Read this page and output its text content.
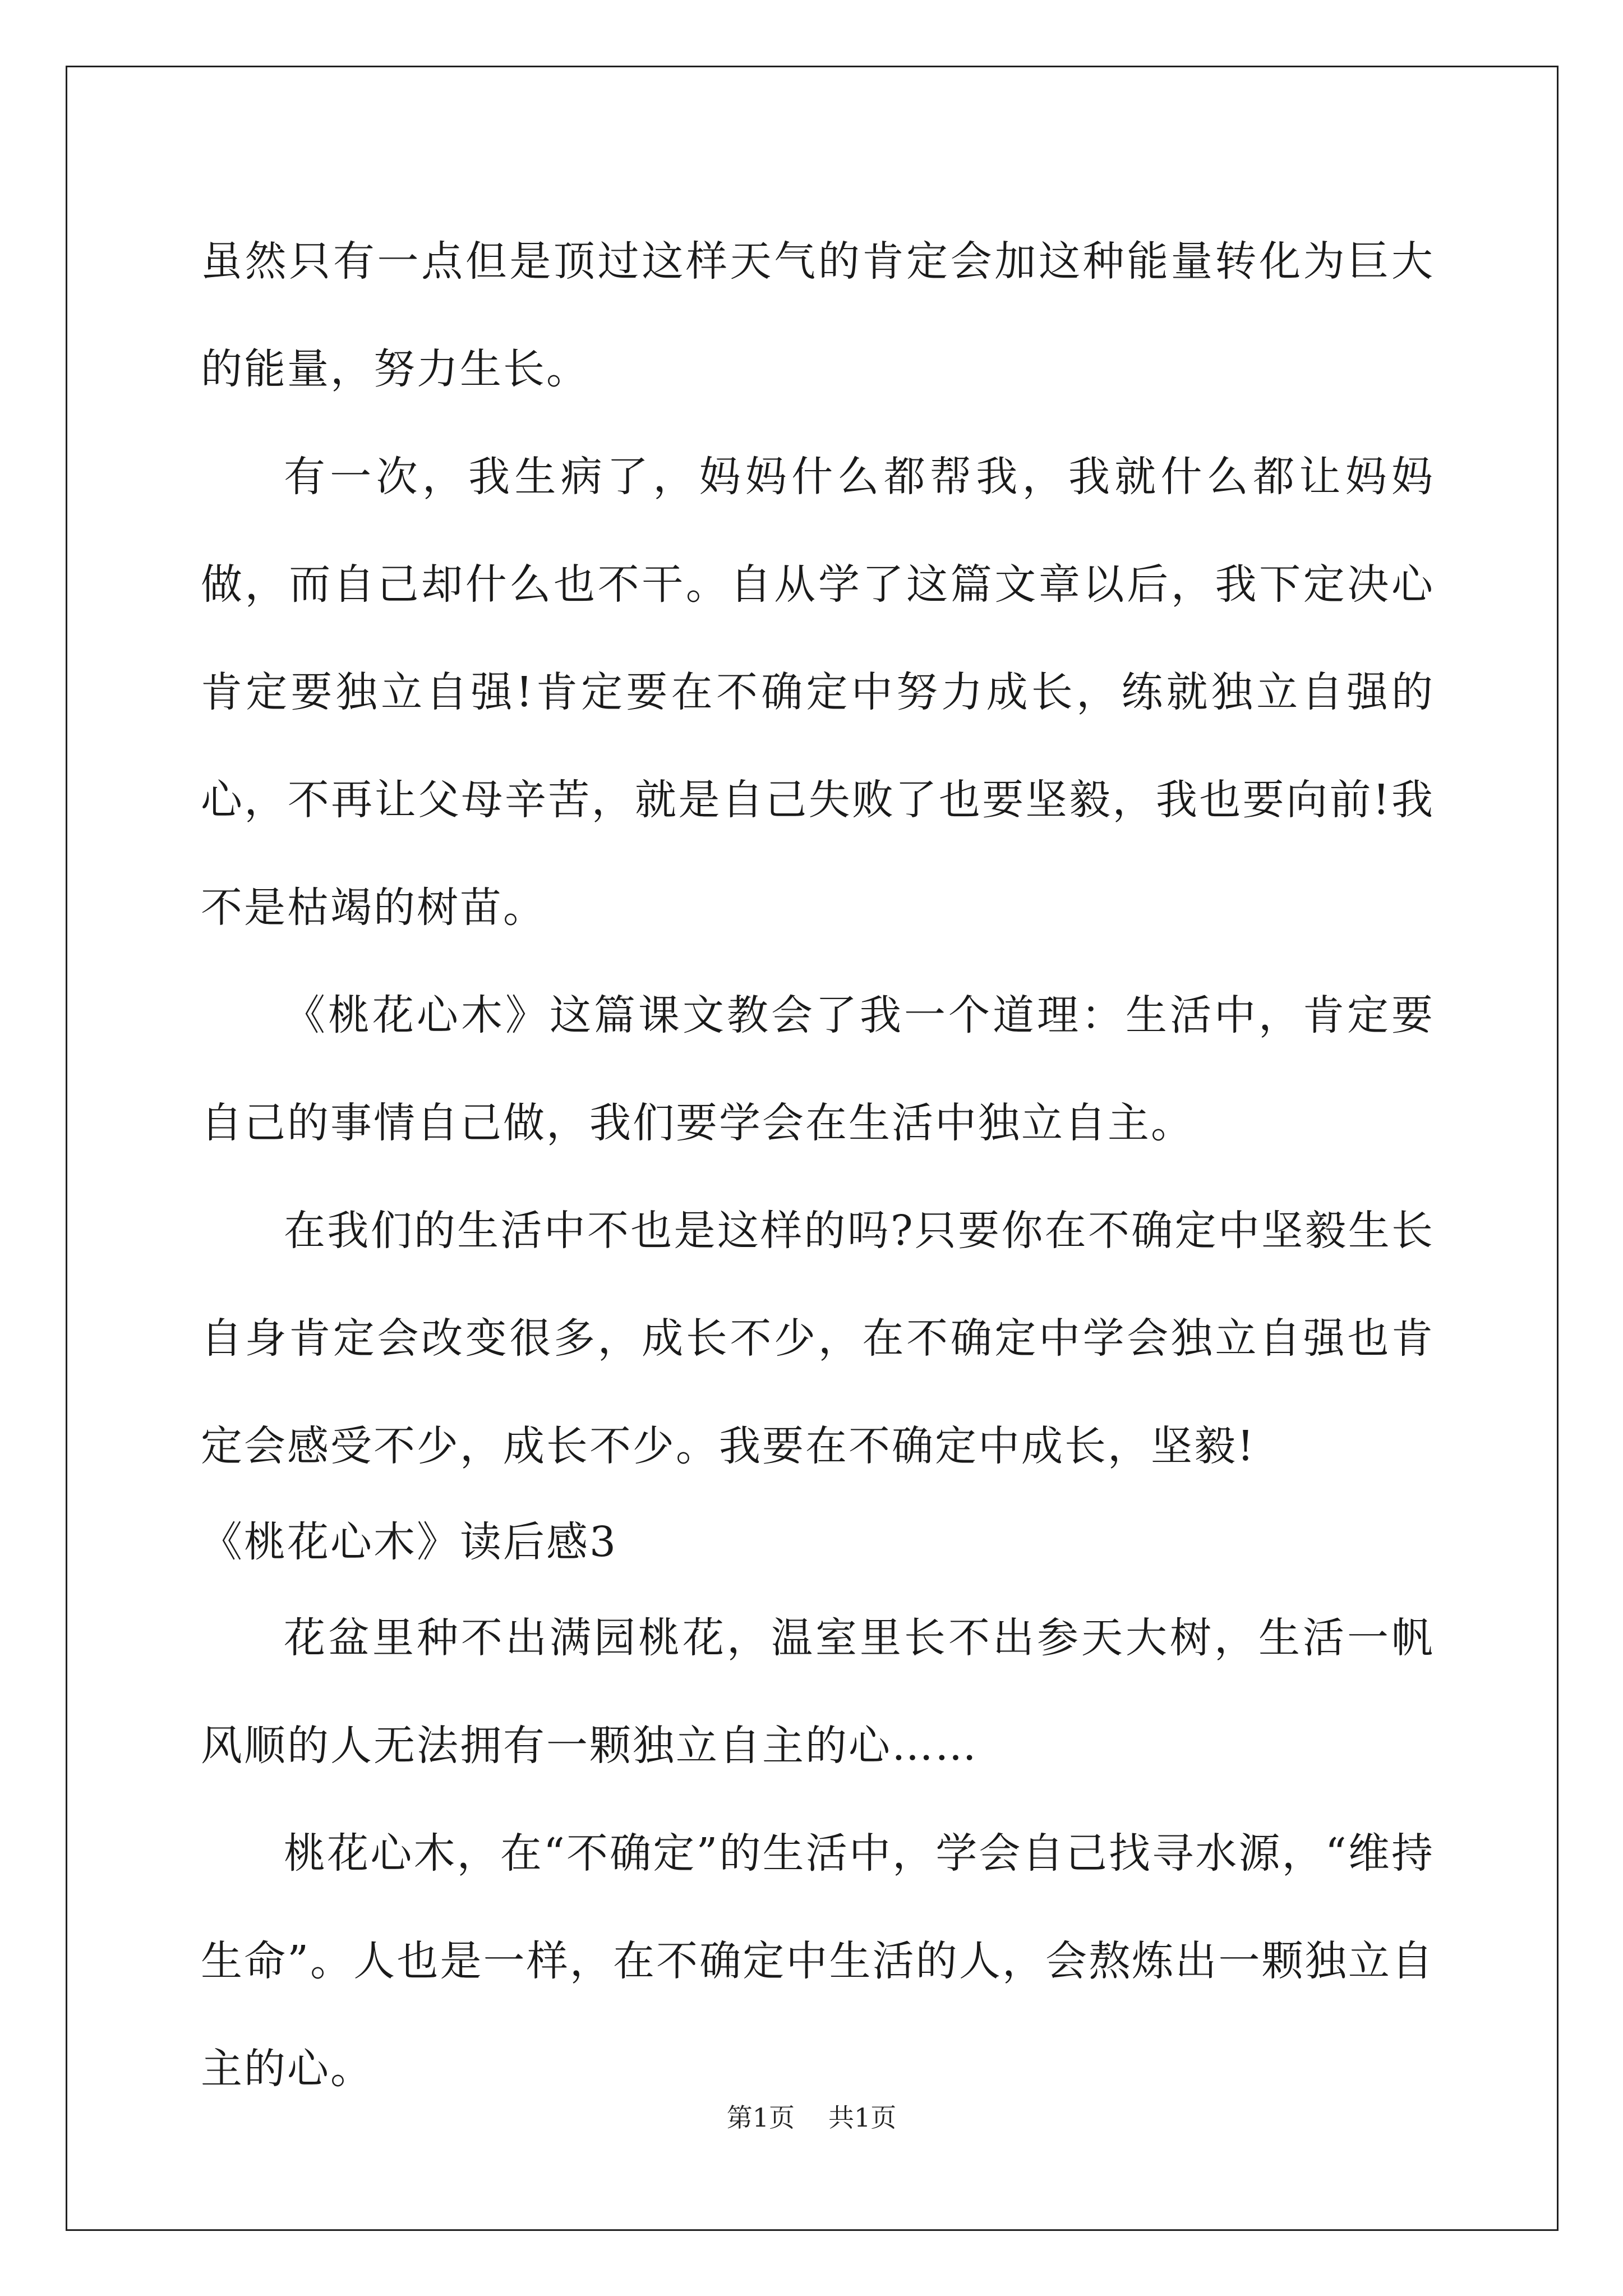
虽然只有一点但是顶过这样天气的肯定会加这种能量转化为巨大的能量，努力生长。

有一次，我生病了，妈妈什么都帮我，我就什么都让妈妈做，而自己却什么也不干。自从学了这篇文章以后，我下定决心肯定要独立自强!肯定要在不确定中努力成长，练就独立自强的心，不再让父母辛苦，就是自己失败了也要坚毅，我也要向前!我不是枯竭的树苗。

《桃花心木》这篇课文教会了我一个道理：生活中，肯定要自己的事情自己做，我们要学会在生活中独立自主。

在我们的生活中不也是这样的吗?只要你在不确定中坚毅生长自身肯定会改变很多，成长不少，在不确定中学会独立自强也肯定会感受不少，成长不少。我要在不确定中成长，坚毅!

《桃花心木》读后感3

花盆里种不出满园桃花，温室里长不出参天大树，生活一帆风顺的人无法拥有一颗独立自主的心……

桃花心木，在“不确定”的生活中，学会自己找寻水源，“维持生命”。人也是一样，在不确定中生活的人，会熬炼出一颗独立自主的心。

第1页 共1页
